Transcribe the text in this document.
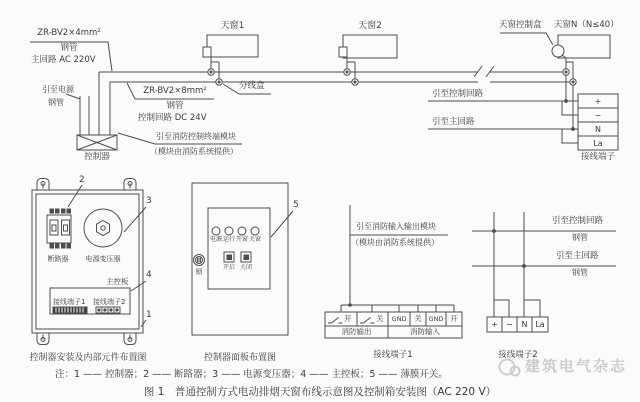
ZR-BV2×4mm²
钢管
主回路 AC 220V
引至电源
钢管
ZR-BV2×8mm²
钢管
控制回路 DC 24V
引至消防控制终端模块
（模块由消防系统提供）
控制器
天窗1
分线盒
天窗2	天窗控制盒 天窗N（N≤40）
引至控制回路
引至主回路
+
−
N
La
接线端子
断路器	电源变压器
主控板
接线端子1 接线端子2
2
3
4
1
控制器安装及内部元件布置图
电源 运行 开窗 关窗
开启 关闭
锁
5
控制器面板布置图
引至消防输入输出模块
（模块由消防系统提供）
开	关	GND	关	GND 开
消防输出	消防输入
接线端子1
引至控制回路
钢管
引至主回路
钢管
+	−	N La
接线端子2
注：1 —— 控制器；2 —— 断路器；3 —— 电源变压器；4 —— 主控板；5 —— 薄膜开关。
图 1　普通控制方式电动排烟天窗布线示意图及控制箱安装图（AC 220 V）
建筑电气杂志
